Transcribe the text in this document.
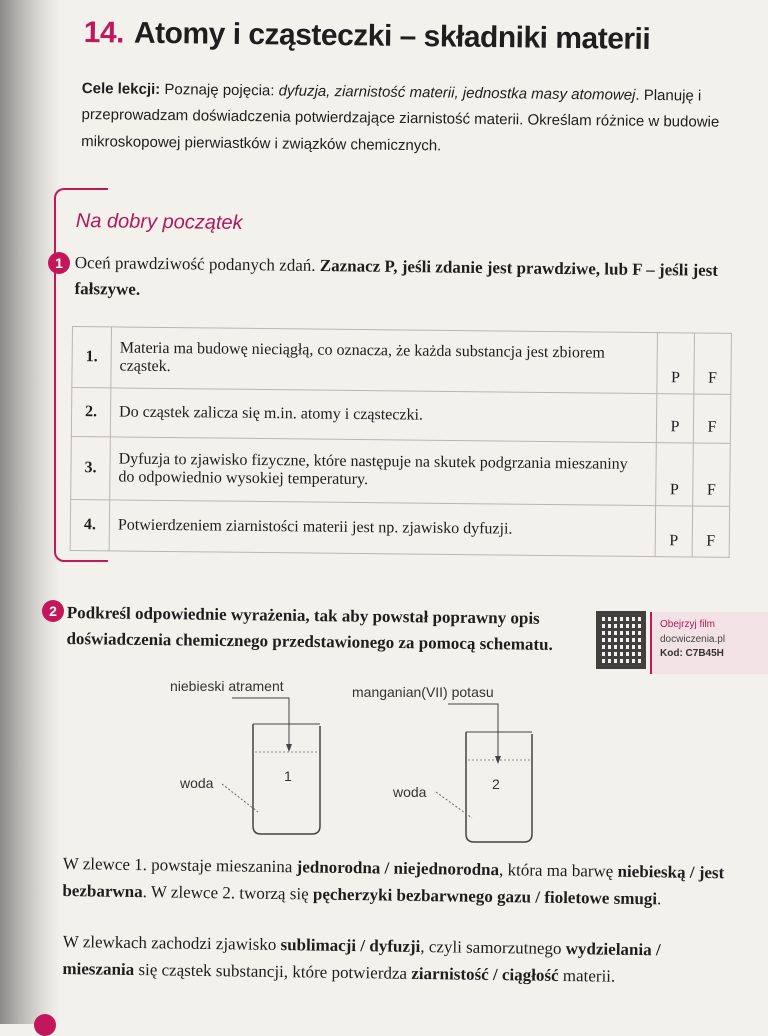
14. Atomy i cząsteczki – składniki materii
Cele lekcji: Poznaję pojęcia: dyfuzja, ziarnistość materii, jednostka masy atomowej. Planuję i przeprowadzam doświadczenia potwierdzające ziarnistość materii. Określam różnice w budowie mikroskopowej pierwiastków i związków chemicznych.
Na dobry początek
1 Oceń prawdziwość podanych zdań. Zaznacz P, jeśli zdanie jest prawdziwe, lub F – jeśli jest fałszywe.
1.	Materia ma budowę nieciągłą, co oznacza, że każda substancja jest zbiorem cząstek.	P	F
2.	Do cząstek zalicza się m.in. atomy i cząsteczki.	P	F
3.	Dyfuzja to zjawisko fizyczne, które następuje na skutek podgrzania mieszaniny do odpowiednio wysokiej temperatury.	P	F
4.	Potwierdzeniem ziarnistości materii jest np. zjawisko dyfuzji.	P	F
2 Podkreśl odpowiednie wyrażenia, tak aby powstał poprawny opis doświadczenia chemicznego przedstawionego za pomocą schematu.
Obejrzyj film
docwiczenia.pl
Kod: C7B45H
niebieski atrament	manganian(VII) potasu
woda
woda
1	2
W zlewce 1. powstaje mieszanina jednorodna / niejednorodna, która ma barwę niebieską / jest bezbarwna. W zlewce 2. tworzą się pęcherzyki bezbarwnego gazu / fioletowe smugi.
W zlewkach zachodzi zjawisko sublimacji / dyfuzji, czyli samorzutnego wydzielania / mieszania się cząstek substancji, które potwierdza ziarnistość / ciągłość materii.
